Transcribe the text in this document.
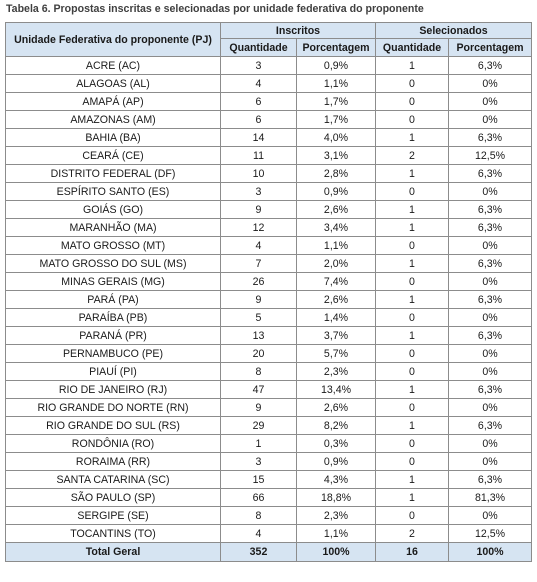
Tabela 6. Propostas inscritas e selecionadas por unidade federativa do proponente
Unidade Federativa do proponente (PJ)	Inscritos		Selecionados	
	Quantidade	Porcentagem	Quantidade	Porcentagem
ACRE (AC)	3	0,9%	1	6,3%
ALAGOAS (AL)	4	1,1%	0	0%
AMAPÁ (AP)	6	1,7%	0	0%
AMAZONAS (AM)	6	1,7%	0	0%
BAHIA (BA)	14	4,0%	1	6,3%
CEARÁ (CE)	11	3,1%	2	12,5%
DISTRITO FEDERAL (DF)	10	2,8%	1	6,3%
ESPÍRITO SANTO (ES)	3	0,9%	0	0%
GOIÁS (GO)	9	2,6%	1	6,3%
MARANHÃO (MA)	12	3,4%	1	6,3%
MATO GROSSO (MT)	4	1,1%	0	0%
MATO GROSSO DO SUL (MS)	7	2,0%	1	6,3%
MINAS GERAIS (MG)	26	7,4%	0	0%
PARÁ (PA)	9	2,6%	1	6,3%
PARAÍBA (PB)	5	1,4%	0	0%
PARANÁ (PR)	13	3,7%	1	6,3%
PERNAMBUCO (PE)	20	5,7%	0	0%
PIAUÍ (PI)	8	2,3%	0	0%
RIO DE JANEIRO (RJ)	47	13,4%	1	6,3%
RIO GRANDE DO NORTE (RN)	9	2,6%	0	0%
RIO GRANDE DO SUL (RS)	29	8,2%	1	6,3%
RONDÔNIA (RO)	1	0,3%	0	0%
RORAIMA (RR)	3	0,9%	0	0%
SANTA CATARINA (SC)	15	4,3%	1	6,3%
SÃO PAULO (SP)	66	18,8%	1	81,3%
SERGIPE (SE)	8	2,3%	0	0%
TOCANTINS (TO)	4	1,1%	2	12,5%
Total Geral	352	100%	16	100%
